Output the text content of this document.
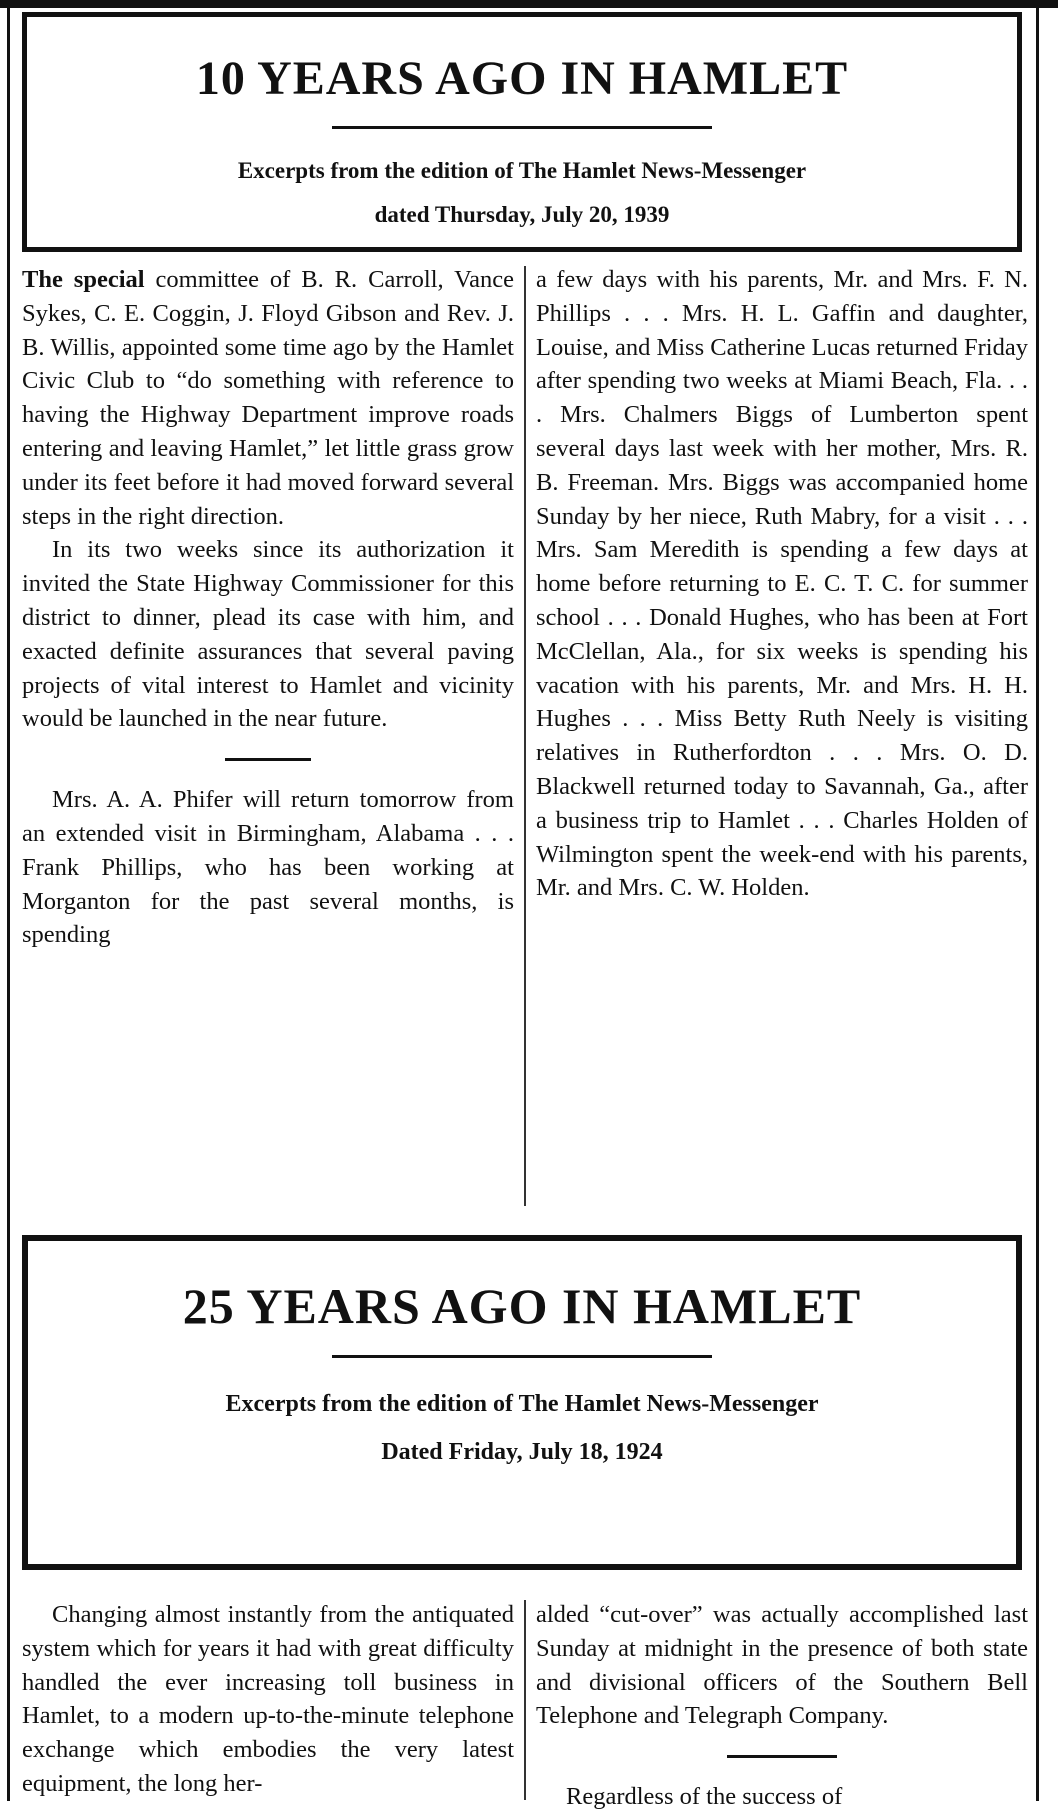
10 YEARS AGO IN HAMLET
Excerpts from the edition of The Hamlet News-Messenger
dated Thursday, July 20, 1939

The special committee of B. R. Carroll, Vance Sykes, C. E. Coggin, J. Floyd Gibson and Rev. J. B. Willis, appointed some time ago by the Hamlet Civic Club to “do something with reference to having the Highway Department improve roads entering and leaving Hamlet,” let little grass grow under its feet before it had moved forward several steps in the right direction.

In its two weeks since its authorization it invited the State Highway Commissioner for this district to dinner, plead its case with him, and exacted definite assurances that several paving projects of vital interest to Hamlet and vicinity would be launched in the near future.

Mrs. A. A. Phifer will return tomorrow from an extended visit in Birmingham, Alabama . . . Frank Phillips, who has been working at Morganton for the past several months, is spending

a few days with his parents, Mr. and Mrs. F. N. Phillips . . . Mrs. H. L. Gaffin and daughter, Louise, and Miss Catherine Lucas returned Friday after spending two weeks at Miami Beach, Fla. . . . Mrs. Chalmers Biggs of Lumberton spent several days last week with her mother, Mrs. R. B. Freeman. Mrs. Biggs was accompanied home Sunday by her niece, Ruth Mabry, for a visit . . . Mrs. Sam Meredith is spending a few days at home before returning to E. C. T. C. for summer school . . . Donald Hughes, who has been at Fort McClellan, Ala., for six weeks is spending his vacation with his parents, Mr. and Mrs. H. H. Hughes . . . Miss Betty Ruth Neely is visiting relatives in Rutherfordton . . . Mrs. O. D. Blackwell returned today to Savannah, Ga., after a business trip to Hamlet . . . Charles Holden of Wilmington spent the week-end with his parents, Mr. and Mrs. C. W. Holden.

25 YEARS AGO IN HAMLET
Excerpts from the edition of The Hamlet News-Messenger
Dated Friday, July 18, 1924

Changing almost instantly from the antiquated system which for years it had with great difficulty handled the ever increasing toll business in Hamlet, to a modern up-to-the-minute telephone exchange which embodies the very latest equipment, the long her-

alded “cut-over” was actually accomplished last Sunday at midnight in the presence of both state and divisional officers of the Southern Bell Telephone and Telegraph Company.

Regardless of the success of
